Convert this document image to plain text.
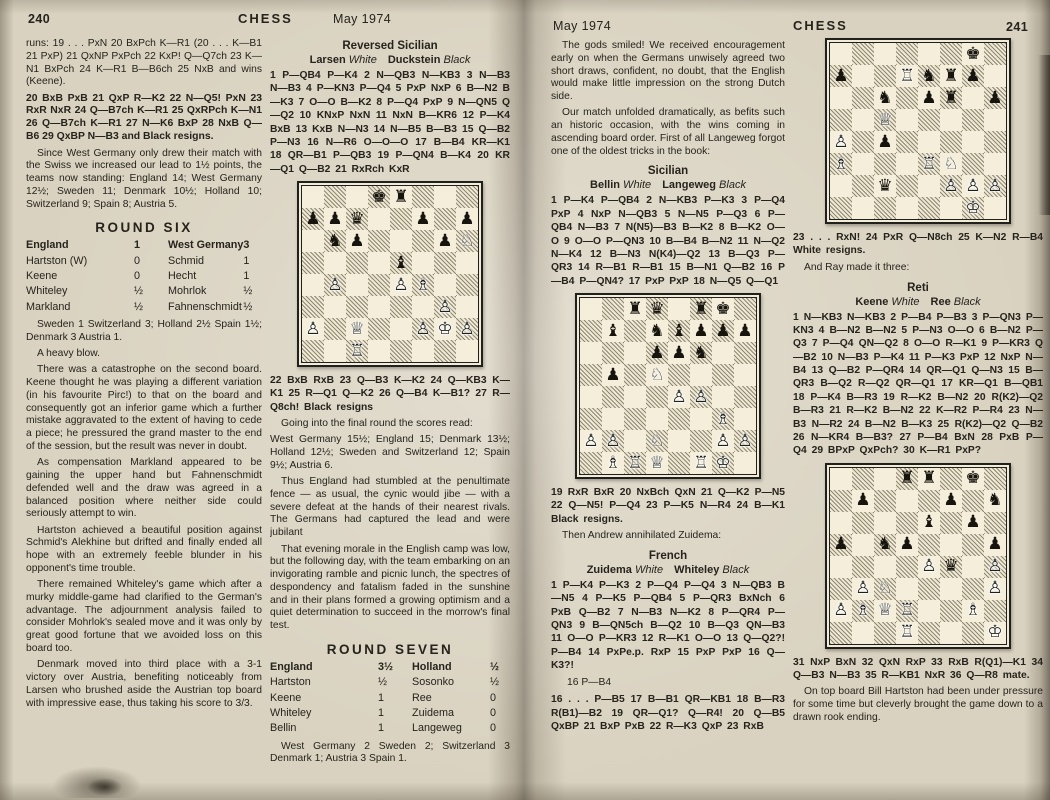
240	CHESS	May 1974
May 1974	CHESS	241

runs: 19 . . . PxN 20 BxPch K—R1 (20 . . . K—B1 21 PxP) 21 QxNP PxPch 22 KxP! Q—Q7ch 23 K—N1 BxPch 24 K—R1 B—B6ch 25 NxB and wins (Keene).

20 BxB PxB 21 QxP R—K2 22 N—Q5! PxN 23 RxR NxR 24 Q—B7ch K—R1 25 QxRPch K—N1 26 Q—B7ch K—R1 27 N—K6 BxP 28 NxB Q—B6 29 QxBP N—B3 and Black resigns.

Since West Germany only drew their match with the Swiss we increased our lead to 1½ points, the teams now standing: England 14; West Germany 12½; Sweden 11; Denmark 10½; Holland 10; Switzerland 9; Spain 8; Austria 5.

ROUND SIX
England	1	West Germany 3
Hartston (W)	0	Schmid	1
Keene	0	Hecht	1
Whiteley	½	Mohrlok	½
Markland	½	Fahnenschmidt ½

Sweden 1 Switzerland 3; Holland 2½ Spain 1½; Denmark 3 Austria 1.

A heavy blow.

There was a catastrophe on the second board. Keene thought he was playing a different variation (in his favourite Pirc!) to that on the board and consequently got an inferior game which a further mistake aggravated to the extent of having to cede a piece; he pressured the grand master to the end of the session, but the result was never in doubt.

As compensation Markland appeared to be gaining the upper hand but Fahnenschmidt defended well and the draw was agreed in a balanced position where neither side could seriously attempt to win.

Hartston achieved a beautiful position against Schmid's Alekhine but drifted and finally ended all hope with an extremely feeble blunder in his opponent's time trouble.

There remained Whiteley's game which after a murky middle-game had clarified to the German's advantage. The adjournment analysis failed to consider Mohrlok's sealed move and it was only by great good fortune that we avoided loss on this board too.

Denmark moved into third place with a 3-1 victory over Austria, benefiting noticeably from Larsen who brushed aside the Austrian top board with impressive ease, thus taking his score to 3/3.

Reversed Sicilian
Larsen White  Duckstein Black

1 P—QB4 P—K4 2 N—QB3 N—KB3 3 N—B3 N—B3 4 P—KN3 P—Q4 5 PxP NxP 6 B—N2 B—K3 7 O—O B—K2 8 P—Q4 PxP 9 N—QN5 Q—Q2 10 KNxP NxN 11 NxN B—KR6 12 P—K4 BxB 13 KxB N—N3 14 N—B5 B—B3 15 Q—B2 P—N3 16 N—R6 O—O—O 17 B—B4 KR—K1 18 QR—B1 P—QB3 19 P—QN4 B—K4 20 KR—Q1 Q—B2 21 RxRch KxR

♚ ♜
♟ ♟ ♛	♟ ♟
♞ ♟	♟ ♘
♝
♙	♙ ♗
♙
♙ ♕	♙ ♔ ♙
♖

22 BxB RxB 23 Q—B3 K—K2 24 Q—KB3 K—K1 25 R—Q1 Q—K2 26 Q—B4 K—B1? 27 R—Q8ch! Black resigns

Going into the final round the scores read:

West Germany 15½; England 15; Denmark 13½; Holland 12½; Sweden and Switzerland 12; Spain 9½; Austria 6.

Thus England had stumbled at the penultimate fence — as usual, the cynic would jibe — with a severe defeat at the hands of their nearest rivals. The Germans had captured the lead and were jubilant

That evening morale in the English camp was low, but the following day, with the team embarking on an invigorating ramble and picnic lunch, the spectres of despondency and fatalism faded in the sunshine and in their plans formed a growing optimism and a quiet determination to succeed in the morrow's final test.

ROUND SEVEN
England	3½	Holland	½
Hartston	½	Sosonko	½
Keene	1	Ree	0
Whiteley	1	Zuidema	0
Bellin	1	Langeweg	0

West Germany 2 Sweden 2; Switzerland 3 Denmark 1; Austria 3 Spain 1.

The gods smiled! We received encouragement early on when the Germans unwisely agreed two short draws, confident, no doubt, that the English would make little impression on the strong Dutch side.

Our match unfolded dramatically, as befits such an historic occasion, with the wins coming in ascending board order. First of all Langeweg forgot one of the oldest tricks in the book:

Sicilian
Bellin White  Langeweg Black

1 P—K4 P—QB4 2 N—KB3 P—K3 3 P—Q4 PxP 4 NxP N—QB3 5 N—N5 P—Q3 6 P—QB4 N—B3 7 N(N5)—B3 B—K2 8 B—K2 O—O 9 O—O P—QN3 10 B—B4 B—N2 11 N—Q2 N—K4 12 B—N3 N(K4)—Q2 13 B—Q3 P—QR3 14 R—B1 R—B1 15 B—N1 Q—B2 16 P—B4 P—QN4? 17 PxP PxP 18 N—Q5 Q—Q1

♜ ♛ ♜ ♚
♝ ♞ ♝ ♟ ♟ ♟
♟ ♟ ♞
♟ ♘
♙ ♙
♗
♙ ♙ ♘	♙ ♙
♗ ♖ ♕ ♖ ♔

19 RxR BxR 20 NxBch QxN 21 Q—K2 P—N5 22 Q—N5! P—Q4 23 P—K5 N—R4 24 B—K1 Black resigns.

Then Andrew annihilated Zuidema:

French
Zuidema White  Whiteley Black

1 P—K4 P—K3 2 P—Q4 P—Q4 3 N—QB3 B—N5 4 P—K5 P—QB4 5 P—QR3 BxNch 6 PxB Q—B2 7 N—B3 N—K2 8 P—QR4 P—QN3 9 B—QN5ch B—Q2 10 B—Q3 QN—B3 11 O—O P—KR3 12 R—K1 O—O 13 Q—Q2?! P—B4 14 PxPe.p. RxP 15 PxP PxP 16 Q—K3?!

16 P—B4

16 . . . P—B5 17 B—B1 QR—KB1 18 B—R3 R(B1)—B2 19 QR—Q1? Q—R4! 20 Q—B5 QxBP 21 BxP PxB 22 R—K3 QxP 23 RxB

♚
♟	♖ ♞ ♜ ♟
♞ ♟ ♜ ♟
♕
♙ ♟
♗	♖ ♘
♛	♙ ♙ ♙
♔

23 . . . RxN! 24 PxR Q—N8ch 25 K—N2 R—B4 White resigns.

And Ray made it three:

Reti
Keene White  Ree Black

1 N—KB3 N—KB3 2 P—B4 P—B3 3 P—QN3 P—KN3 4 B—N2 B—N2 5 P—N3 O—O 6 B—N2 P—Q3 7 P—Q4 QN—Q2 8 O—O R—K1 9 P—KR3 Q—B2 10 N—B3 P—K4 11 P—K3 PxP 12 NxP N—B4 13 Q—B2 P—QR4 14 QR—Q1 Q—N3 15 B—QR3 B—Q2 R—Q2 QR—Q1 17 KR—Q1 B—QB1 18 P—K4 B—R3 19 R—K2 B—N2 20 R(K2)—Q2 B—R3 21 R—K2 B—N2 22 K—R2 P—R4 23 N—B3 N—R2 24 B—N2 B—K3 25 R(K2)—Q2 Q—B2 26 N—KR4 B—B3? 27 P—B4 BxN 28 PxB P—Q4 29 BPxP QxPch? 30 K—R1 PxP?

♜ ♜ ♚
♟	♟ ♞
♝ ♟
♟ ♞ ♟	♟
♙ ♛ ♙
♙ ♘	♙
♙ ♗ ♕ ♖	♗
♖	♔

31 NxP BxN 32 QxN RxP 33 RxB R(Q1)—K1 34 Q—B3 N—B3 35 R—KB1 NxR 36 Q—R8 mate.

On top board Bill Hartston had been under pressure for some time but cleverly brought the game down to a drawn rook ending.
